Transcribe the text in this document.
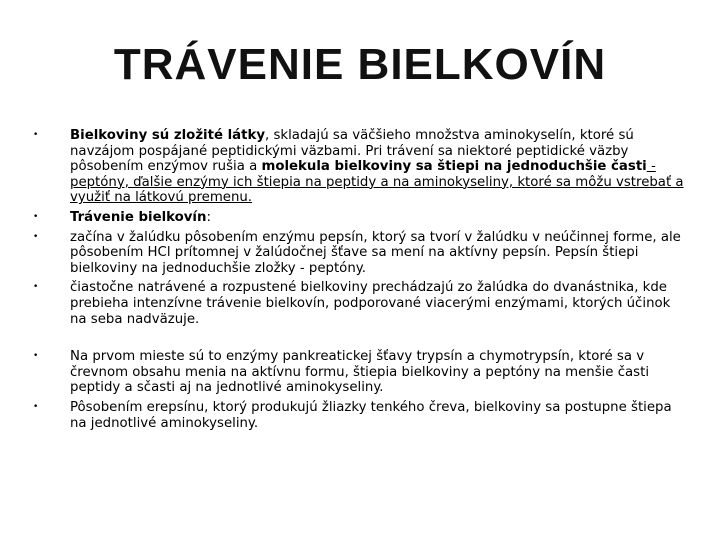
TRÁVENIE BIELKOVÍN
• Bielkoviny sú zložité látky, skladajú sa väčšieho množstva aminokyselín, ktoré sú navzájom pospájané peptidickými väzbami. Pri trávení sa niektoré peptidické väzby pôsobením enzýmov rušia a molekula bielkoviny sa štiepi na jednoduchšie časti - peptóny, ďalšie enzýmy ich štiepia na peptidy a na aminokyseliny, ktoré sa môžu vstrebať a využiť na látkovú premenu.
• Trávenie bielkovín:
• začína v žalúdku pôsobením enzýmu pepsín, ktorý sa tvorí v žalúdku v neúčinnej forme, ale pôsobením HCl prítomnej v žalúdočnej šťave sa mení na aktívny pepsín. Pepsín štiepi bielkoviny na jednoduchšie zložky - peptóny.
• čiastočne natrávené a rozpustené bielkoviny prechádzajú zo žalúdka do dvanástnika, kde prebieha intenzívne trávenie bielkovín, podporované viacerými enzýmami, ktorých účinok na seba nadväzuje.
• Na prvom mieste sú to enzýmy pankreatickej šťavy trypsín a chymotrypsín, ktoré sa v črevnom obsahu menia na aktívnu formu, štiepia bielkoviny a peptóny na menšie časti peptidy a sčasti aj na jednotlivé aminokyseliny.
• Pôsobením erepsínu, ktorý produkujú žliazky tenkého čreva, bielkoviny sa postupne štiepa na jednotlivé aminokyseliny.
